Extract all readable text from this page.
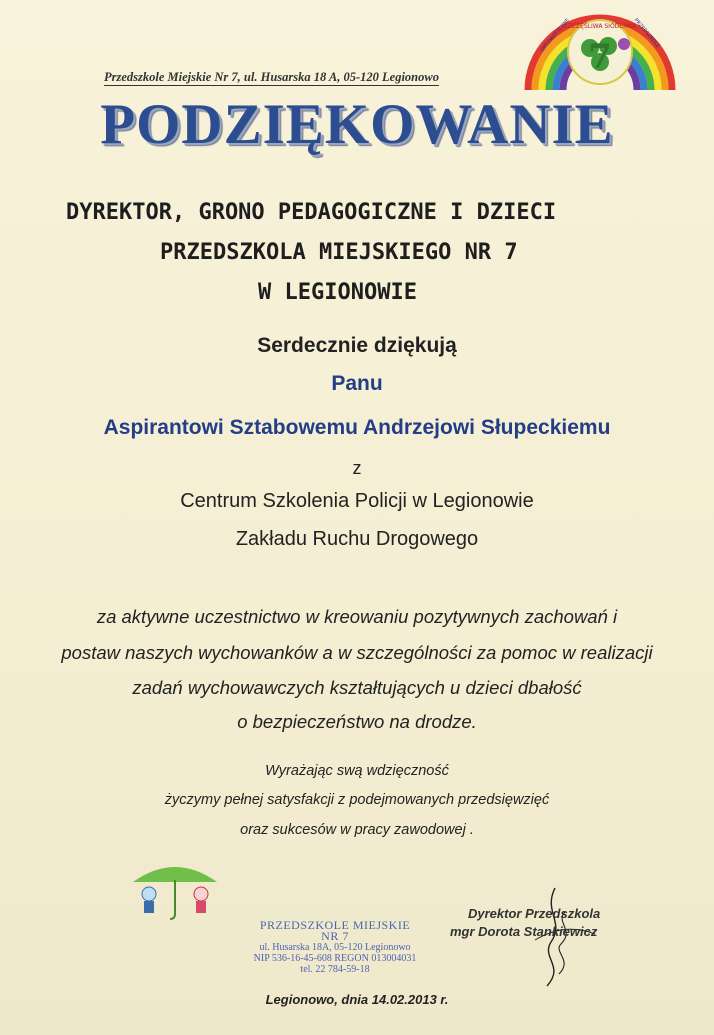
7
SZCZĘŚLIWA SIÓDEMKA
OPTYMISTYCZNE	PRZEDSZKOLE
Przedszkole Miejskie Nr 7, ul. Husarska 18 A, 05-120 Legionowo
PODZIĘKOWANIE
DYREKTOR, GRONO PEDAGOGICZNE I DZIECI
PRZEDSZKOLA MIEJSKIEGO NR 7
W LEGIONOWIE
Serdecznie dziękują
Panu
Aspirantowi Sztabowemu Andrzejowi Słupeckiemu
z
Centrum Szkolenia Policji w Legionowie
Zakładu Ruchu Drogowego
za aktywne uczestnictwo w kreowaniu pozytywnych zachowań i
postaw naszych wychowanków a w szczególności za pomoc w realizacji
zadań wychowawczych kształtujących u dzieci dbałość
o bezpieczeństwo na drodze.
Wyrażając swą wdzięczność
życzymy pełnej satysfakcji z podejmowanych przedsięwzięć
oraz sukcesów w pracy zawodowej .
PRZEDSZKOLE MIEJSKIE NR 7
ul. Husarska 18A, 05-120 Legionowo
NIP 536-16-45-608 REGON 013004031
tel. 22 784-59-18
Dyrektor Przedszkola
mgr Dorota Stankiewicz
Legionowo, dnia 14.02.2013 r.
